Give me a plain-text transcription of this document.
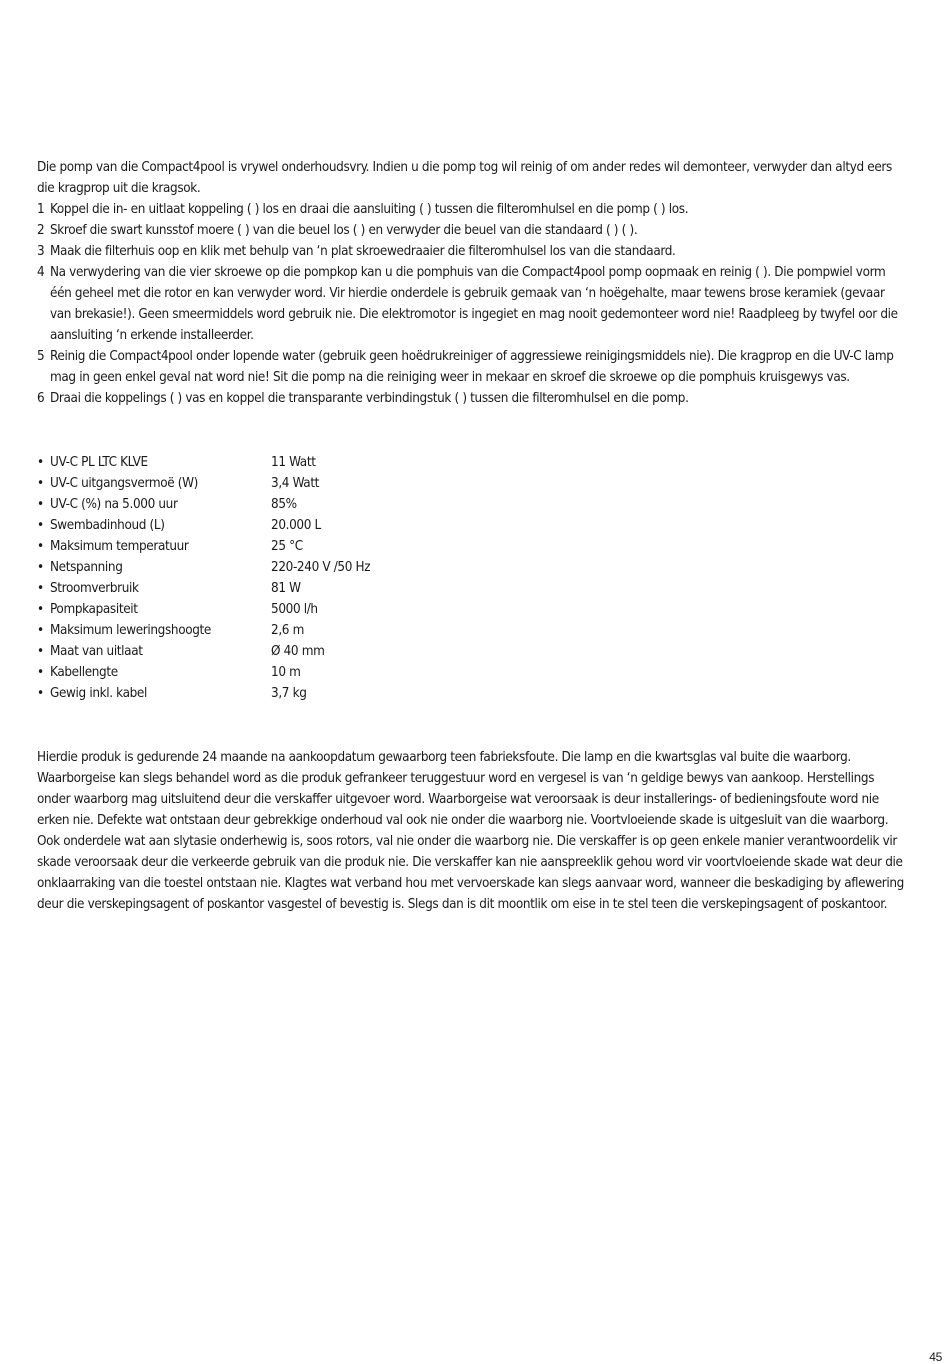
Die pomp van die Compact4pool is vrywel onderhoudsvry. Indien u die pomp tog wil reinig of om ander redes wil demonteer, verwyder dan altyd eers die kragprop uit die kragsok.

1 Koppel die in- en uitlaat koppeling ( ) los en draai die aansluiting ( ) tussen die filteromhulsel en die pomp ( ) los.
2 Skroef die swart kunsstof moere ( ) van die beuel los ( ) en verwyder die beuel van die standaard ( ) ( ).
3 Maak die filterhuis oop en klik met behulp van ‘n plat skroewedraaier die filteromhulsel los van die standaard.
4 Na verwydering van die vier skroewe op die pompkop kan u die pomphuis van die Compact4pool pomp oopmaak en reinig ( ). Die pompwiel vorm één geheel met die rotor en kan verwyder word. Vir hierdie onderdele is gebruik gemaak van ‘n hoëgehalte, maar tewens brose keramiek (gevaar van brekasie!). Geen smeermiddels word gebruik nie. Die elektromotor is ingegiet en mag nooit gedemonteer word nie! Raadpleeg by twyfel oor die aansluiting ‘n erkende installeerder.
5 Reinig die Compact4pool onder lopende water (gebruik geen hoëdrukreiniger of aggressiewe reinigingsmiddels nie). Die kragprop en die UV-C lamp mag in geen enkel geval nat word nie! Sit die pomp na die reiniging weer in mekaar en skroef die skroewe op die pomphuis kruisgewys vas.
6 Draai die koppelings ( ) vas en koppel die transparante verbindingstuk ( ) tussen die filteromhulsel en die pomp.
• UV-C PL LTC KLVE	11 Watt
• UV-C uitgangsvermoë (W)	3,4 Watt
• UV-C (%) na 5.000 uur	85%
• Swembadinhoud (L)	20.000 L
• Maksimum temperatuur	25 °C
• Netspanning	220-240 V /50 Hz
• Stroomverbruik	81 W
• Pompkapasiteit	5000 l/h
• Maksimum leweringshoogte	2,6 m
• Maat van uitlaat	Ø 40 mm
• Kabellengte	10 m
• Gewig inkl. kabel	3,7 kg

Hierdie produk is gedurende 24 maande na aankoopdatum gewaarborg teen fabrieksfoute. Die lamp en die kwartsglas val buite die waarborg. Waarborgeise kan slegs behandel word as die produk gefrankeer teruggestuur word en vergesel is van ‘n geldige bewys van aankoop. Herstellings onder waarborg mag uitsluitend deur die verskaffer uitgevoer word. Waarborgeise wat veroorsaak is deur installerings- of bedieningsfoute word nie erken nie. Defekte wat ontstaan deur gebrekkige onderhoud val ook nie onder die waarborg nie. Voortvloeiende skade is uitgesluit van die waarborg. Ook onderdele wat aan slytasie onderhewig is, soos rotors, val nie onder die waarborg nie. Die verskaffer is op geen enkele manier verantwoordelik vir skade veroorsaak deur die verkeerde gebruik van die produk nie. Die verskaffer kan nie aanspreeklik gehou word vir voortvloeiende skade wat deur die onklaarraking van die toestel ontstaan nie. Klagtes wat verband hou met vervoerskade kan slegs aanvaar word, wanneer die beskadiging by aflewering deur die verskepingsagent of poskantor vasgestel of bevestig is. Slegs dan is dit moontlik om eise in te stel teen die verskepingsagent of poskantoor.

45
